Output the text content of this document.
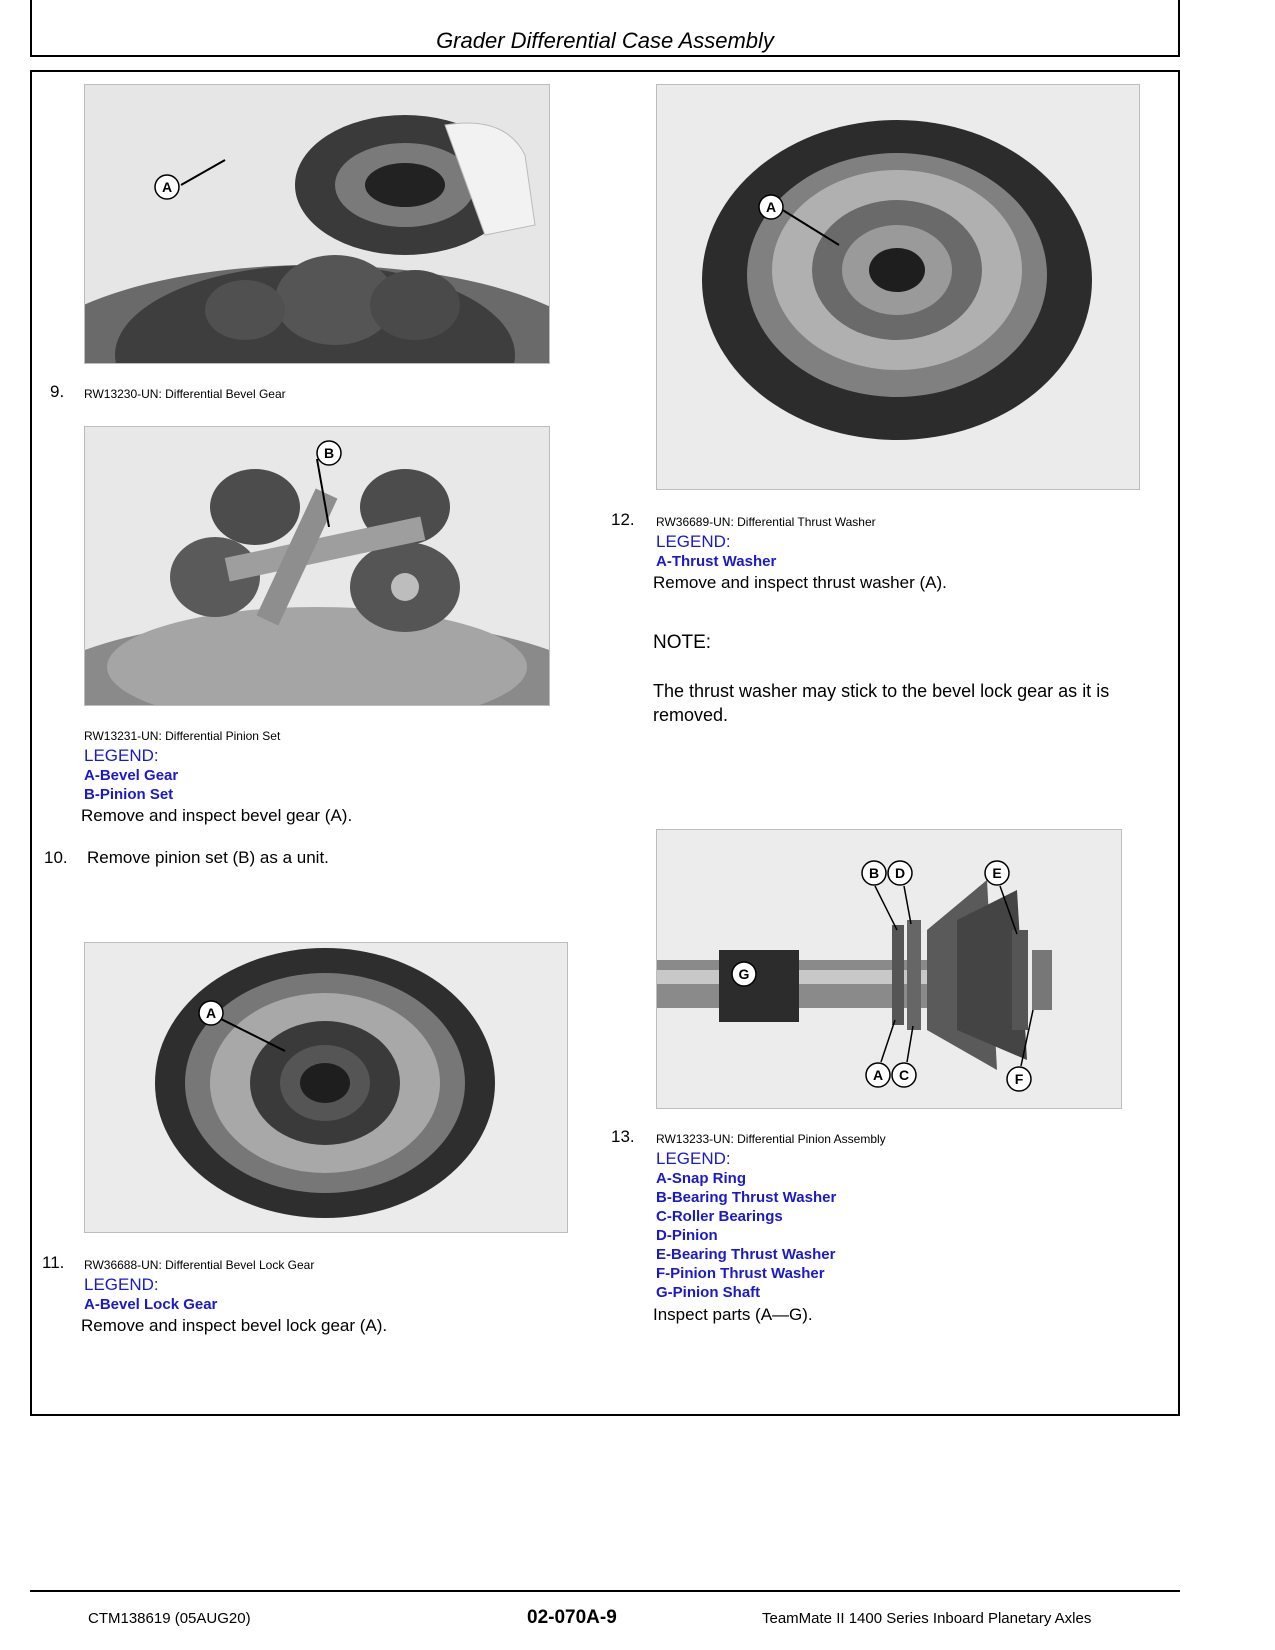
Grader Differential Case Assembly
A
9. RW13230-UN: Differential Bevel Gear
B
RW13231-UN: Differential Pinion Set
LEGEND:
A-Bevel Gear
B-Pinion Set
Remove and inspect bevel gear (A).
10. Remove pinion set (B) as a unit.
A
11. RW36688-UN: Differential Bevel Lock Gear
LEGEND:
A-Bevel Lock Gear
Remove and inspect bevel lock gear (A).
A
12. RW36689-UN: Differential Thrust Washer
LEGEND:
A-Thrust Washer
Remove and inspect thrust washer (A).
NOTE:
The thrust washer may stick to the bevel lock gear as it is removed.
B D	E
G
A C	F
13. RW13233-UN: Differential Pinion Assembly
LEGEND:
A-Snap Ring
B-Bearing Thrust Washer
C-Roller Bearings
D-Pinion
E-Bearing Thrust Washer
F-Pinion Thrust Washer
G-Pinion Shaft
Inspect parts (A—G).
CTM138619 (05AUG20)	02-070A-9	TeamMate II 1400 Series Inboard Planetary Axles
